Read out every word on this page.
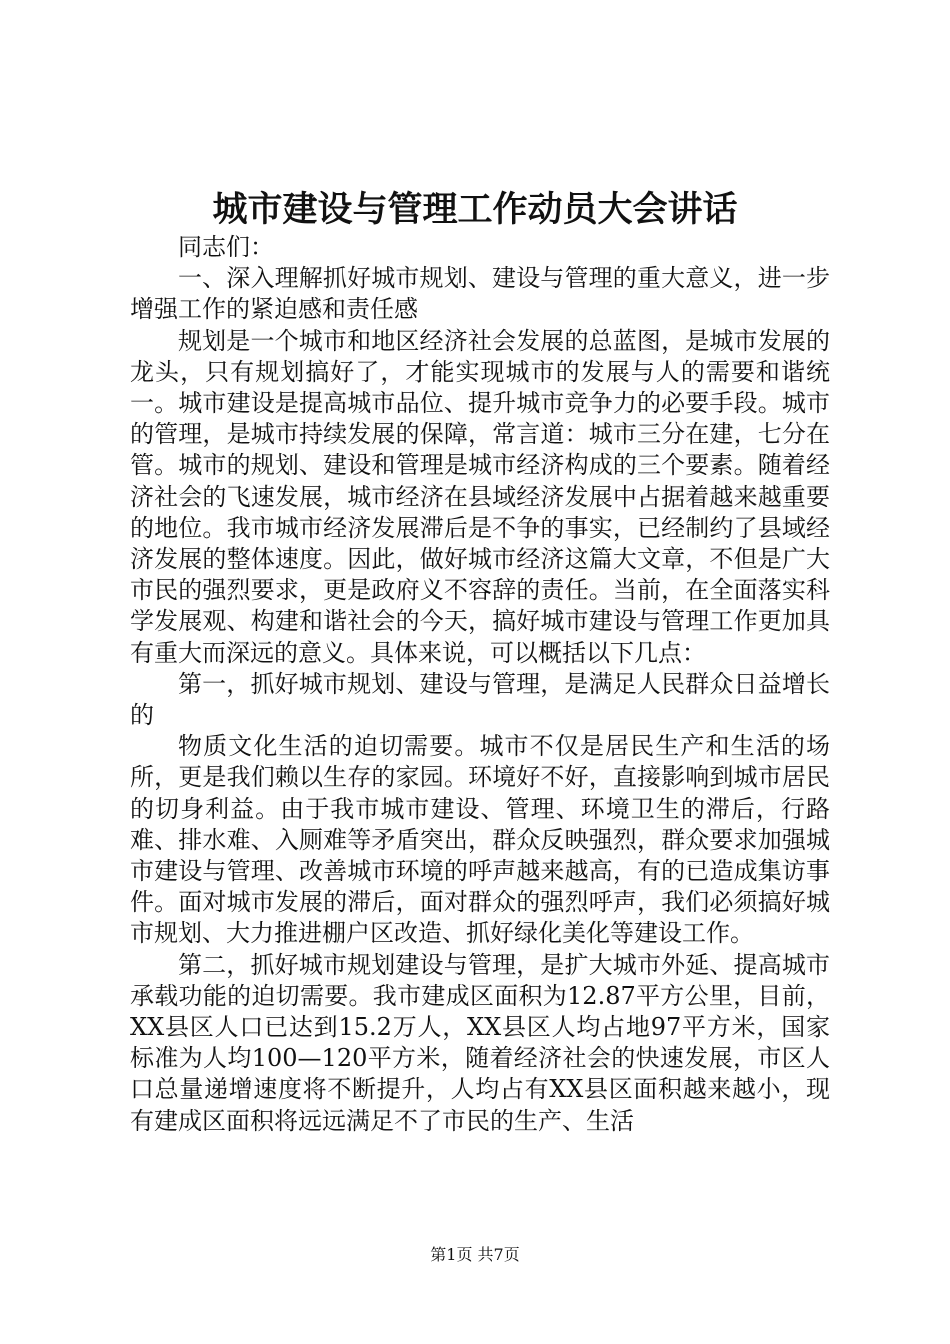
城市建设与管理工作动员大会讲话

同志们：

一、深入理解抓好城市规划、建设与管理的重大意义，进一步增强工作的紧迫感和责任感

规划是一个城市和地区经济社会发展的总蓝图，是城市发展的龙头，只有规划搞好了，才能实现城市的发展与人的需要和谐统一。城市建设是提高城市品位、提升城市竞争力的必要手段。城市的管理，是城市持续发展的保障，常言道：城市三分在建，七分在管。城市的规划、建设和管理是城市经济构成的三个要素。随着经济社会的飞速发展，城市经济在县域经济发展中占据着越来越重要的地位。我市城市经济发展滞后是不争的事实，已经制约了县域经济发展的整体速度。因此，做好城市经济这篇大文章，不但是广大市民的强烈要求，更是政府义不容辞的责任。当前，在全面落实科学发展观、构建和谐社会的今天，搞好城市建设与管理工作更加具有重大而深远的意义。具体来说，可以概括以下几点：

第一，抓好城市规划、建设与管理，是满足人民群众日益增长的

物质文化生活的迫切需要。城市不仅是居民生产和生活的场所，更是我们赖以生存的家园。环境好不好，直接影响到城市居民的切身利益。由于我市城市建设、管理、环境卫生的滞后，行路难、排水难、入厕难等矛盾突出，群众反映强烈，群众要求加强城市建设与管理、改善城市环境的呼声越来越高，有的已造成集访事件。面对城市发展的滞后，面对群众的强烈呼声，我们必须搞好城市规划、大力推进棚户区改造、抓好绿化美化等建设工作。

第二，抓好城市规划建设与管理，是扩大城市外延、提高城市承载功能的迫切需要。我市建成区面积为12.87平方公里，目前，XX县区人口已达到15.2万人，XX县区人均占地97平方米，国家标准为人均100—120平方米，随着经济社会的快速发展，市区人口总量递增速度将不断提升，人均占有XX县区面积越来越小，现有建成区面积将远远满足不了市民的生产、生活

第1页 共7页
